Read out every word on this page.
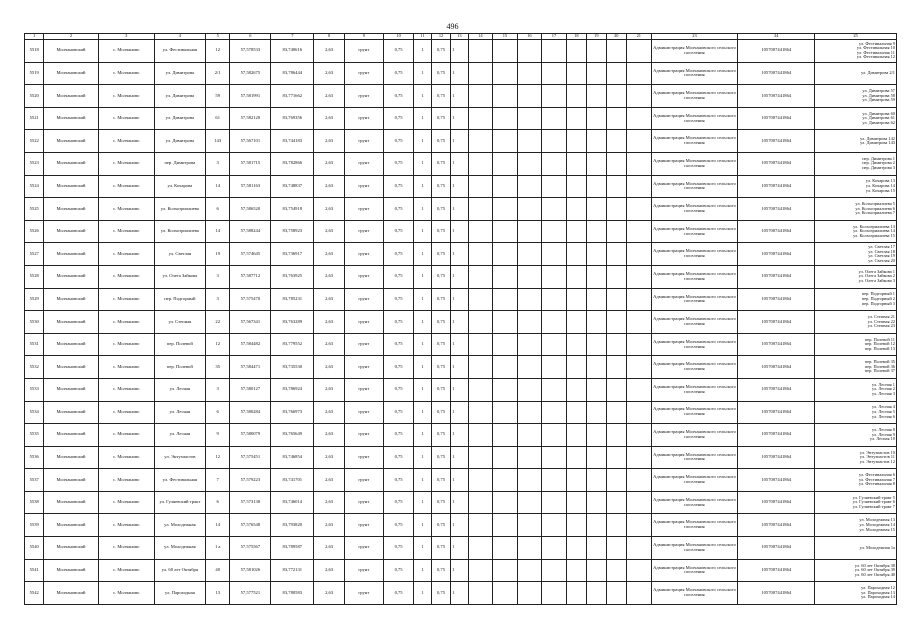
496
1	2	3	4	5	6	7	8	9	10	11	12	13	14	15	16	17	18	19	20	21	23	24	25
5518	Молчановский	с. Молчаново	ул. Фестивальная	12	57,578533	83,740616	2,63	грунт	0,75	1	0,75	1									Администрация Молчановского сельского поселения	1057007441864	ул. Фестивальная 9
ул. Фестивальная 10
ул. Фестивальная 11
ул. Фестивальная 12

5519	Молчановский	с. Молчаново	ул. Димитрова	2/1	57,582675	83,786444	2,63	грунт	0,75	1	0,75	1									Администрация Молчановского сельского поселения	1057007441864	ул. Димитрова 2/1

5520	Молчановский	с. Молчаново	ул. Димитрова	59	57,581991	83,771662	2,63	грунт	0,75	1	0,75	1									Администрация Молчановского сельского поселения	1057007441864	ул. Димитрова 57
ул. Димитрова 58
ул. Димитрова 59

5521	Молчановский	с. Молчаново	ул. Димитрова	61	57,582120	83,769356	2,63	грунт	0,75	1	0,75	1									Администрация Молчановского сельского поселения	1057007441864	ул. Димитрова 60
ул. Димитрова 61
ул. Димитрова 62

5522	Молчановский	с. Молчаново	ул. Димитрова	143	57,567101	83,744183	2,63	грунт	0,75	1	0,75	1									Администрация Молчановского сельского поселения	1057007441864	ул. Димитрова 142
ул. Димитрова 143

5523	Молчановский	с. Молчаново	пер. Димитрова	3	57,581715	83,782866	2,63	грунт	0,75	1	0,75	1									Администрация Молчановского сельского поселения	1057007441864	пер. Димитрова 1
пер. Димитрова 2
пер. Димитрова 3

5524	Молчановский	с. Молчаново	ул. Кочарова	14	57,581163	83,748837	2,63	грунт	0,75	1	0,75	1									Администрация Молчановского сельского поселения	1057007441864	ул. Кочарова 13
ул. Кочарова 14
ул. Кочарова 15

5525	Молчановский	с. Молчаново	ул. Колхозриалиева	6	57,586520	83,754918	2,63	грунт	0,75	1	0,75	1									Администрация Молчановского сельского поселения	1057007441864	ул. Колхозриалиева 5
ул. Колхозриалиева 6
ул. Колхозриалиева 7

5526	Молчановский	с. Молчаново	ул. Колхозриалиева	14	57,588244	83,758923	2,63	грунт	0,75	1	0,75	1									Администрация Молчановского сельского поселения	1057007441864	ул. Колхозриалиева 13
ул. Колхозриалиева 14
ул. Колхозриалиева 15

5527	Молчановский	с. Молчаново	ул. Светлая	19	57,574645	83,736917	2,63	грунт	0,75	1	0,75	1									Администрация Молчановского сельского поселения	1057007441864	ул. Светлая 17
ул. Светлая 18
ул. Светлая 19
ул. Светлая 20

5528	Молчановский	с. Молчаново	ул. Олега Зайкова	3	57,587712	83,763925	2,63	грунт	0,75	1	0,75	1									Администрация Молчановского сельского поселения	1057007441864	ул. Олега Зайкова 1
ул. Олега Зайкова 2
ул. Олега Зайкова 3

5529	Молчановский	с. Молчаново	пер. Подгорный	3	57,575470	83,785231	2,63	грунт	0,75	1	0,75	1									Администрация Молчановского сельского поселения	1057007441864	пер. Подгорный 1
пер. Подгорный 2
пер. Подгорный 3

5530	Молчановский	с. Молчаново	ул. Степная	22	57,567341	83,763289	2,63	грунт	0,75	1	0,75	1									Администрация Молчановского сельского поселения	1057007441864	ул. Степная 21
ул. Степная 22
ул. Степная 23

5531	Молчановский	с. Молчаново	пер. Полевой	12	57,584482	83,779552	2,63	грунт	0,75	1	0,75	1									Администрация Молчановского сельского поселения	1057007441864	пер. Полевой 11
пер. Полевой 12
пер. Полевой 13

5532	Молчановский	с. Молчаново	пер. Полевой	35	57,584471	83,735530	2,63	грунт	0,75	1	0,75	1									Администрация Молчановского сельского поселения	1057007441864	пер. Полевой 35
пер. Полевой 36
пер. Полевой 37

5533	Молчановский	с. Молчаново	ул. Лесная	3	57,580127	83,786924	2,63	грунт	0,75	1	0,75	1									Администрация Молчановского сельского поселения	1057007441864	ул. Лесная 1
ул. Лесная 2
ул. Лесная 3

5534	Молчановский	с. Молчаново	ул. Лесная	6	57,580284	83,766973	2,63	грунт	0,75	1	0,75	1									Администрация Молчановского сельского поселения	1057007441864	ул. Лесная 4
ул. Лесная 5
ул. Лесная 6

5535	Молчановский	с. Молчаново	ул. Лесная	9	57,580079	83,765649	2,63	грунт	0,75	1	0,75	1									Администрация Молчановского сельского поселения	1057007441864	ул. Лесная 8
ул. Лесная 9
ул. Лесная 10

5536	Молчановский	с. Молчаново	ул. Энтузиастов	12	57,575451	83,746854	2,63	грунт	0,75	1	0,75	1									Администрация Молчановского сельского поселения	1057007441864	ул. Энтузиастов 10
ул. Энтузиастов 11
ул. Энтузиастов 12

5537	Молчановский	с. Молчаново	ул. Фестивальная	7	57,579223	83,741701	2,63	грунт	0,75	1	0,75	1									Администрация Молчановского сельского поселения	1057007441864	ул. Фестивальная 6
ул. Фестивальная 7
ул. Фестивальная 8

5538	Молчановский	с. Молчаново	ул. Гуляевский тракт	6	57,573138	83,746014	2,63	грунт	0,75	1	0,75	1									Администрация Молчановского сельского поселения	1057007441864	ул. Гуляевский тракт 5
ул. Гуляевский тракт 6
ул. Гуляевский тракт 7

5539	Молчановский	с. Молчаново	ул. Молодежная	14	57,576548	83,793820	2,63	грунт	0,75	1	0,75	1									Администрация Молчановского сельского поселения	1057007441864	ул. Молодежная 13
ул. Молодежная 14
ул. Молодежная 15

5540	Молчановский	с. Молчаново	ул. Молодежная	1 а	57,575567	83,789587	2,63	грунт	0,75	1	0,75	1									Администрация Молчановского сельского поселения	1057007441864	ул. Молодежная 1а

5541	Молчановский	с. Молчаново	ул. 60 лет Октября	40	57,581026	83,772131	2,63	грунт	0,75	1	0,75	1									Администрация Молчановского сельского поселения	1057007441864	ул. 60 лет Октября 38
ул. 60 лет Октября 39
ул. 60 лет Октября 40

5542	Молчановский	с. Молчаново	ул. Пароходная	13	57,577521	83,780583	2,63	грунт	0,75	1	0,75	1									Администрация Молчановского сельского поселения	1057007441864	ул. Пароходная 12
ул. Пароходная 13
ул. Пароходная 14
